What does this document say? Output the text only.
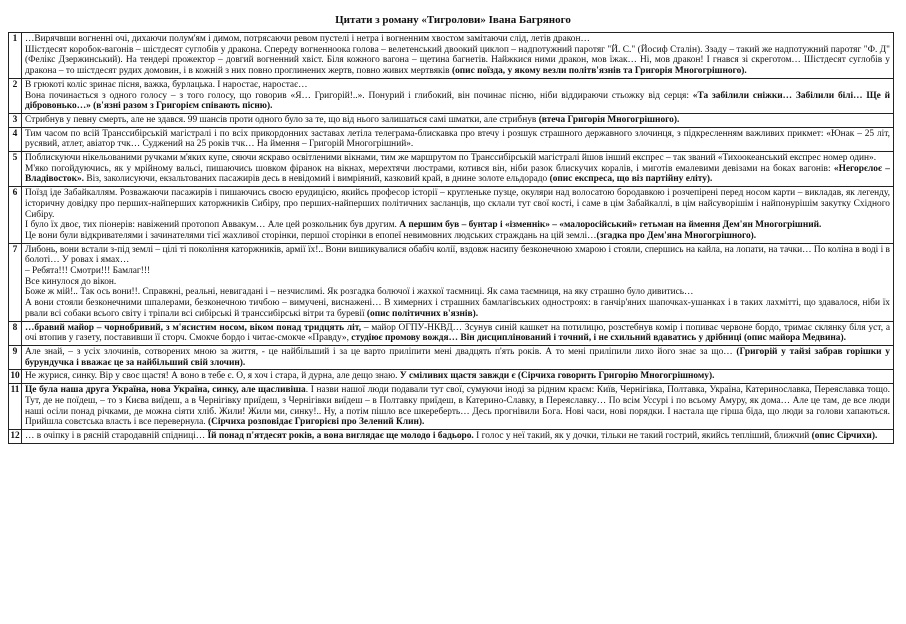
Цитати з роману «Тигролови» Івана Багряного
1	…Вирячвши вогненні очі, дихаючи полум'ям і димом, потрясаючи ревом пустелі і нетра і вогненним хвостом замітаючи слід, летів дракон…
Шістдесят коробок-вагонів – шістдесят суглобів у дракона. Спереду вогненноока голова – велетенський двоокий циклоп – надпотужний паротяг "Й. С." (Йосиф Сталін). Ззаду – такий же надпотужний паротяг "Ф. Д" (Фелікс Дзержинський). На тендері прожектор – довгий вогненний хвіст. Біля кожного вагона – щетина багнетів. Найжкися ними дракон, мов їжак… Ні, мов дракон! І гнався зі скреготом… Шістдесят суглобів у дракона – то шістдесят рудих домовин, і в кожній з них повно проглинених жертв, повно живих мертвяків (опис поїзда, у якому везли політв'язнів та Григорія Многогрішного).

2	В грюкоті коліс зринає пісня, важка, бурлацька. І наростає, наростає…
Вона починається з одного голосу – з того голосу, що говорив «Я… Григорій!..». Понурий і глибокий, він починає пісню, ніби віддираючи стьожку від серця: «Та забілили сніжки… Забілили білі… Ще й дібровонько…» (в'язні разом з Григорієм співають пісню).

3	Стрибнув у певну смерть, але не здався. 99 шансів проти одного було за те, що від нього залишаться самі шматки, але стрибнув (втеча Григорія Многогрішного).

4	Тим часом по всій Транссибірській магістралі і по всіх прикордонних заставах летіла телеграма-блискавка про втечу і розшук страшного державного злочинця, з підкресленням важливих прикмет: «Юнак – 25 літ, русявий, атлет, авіатор тчк… Суджений на 25 років тчк… На ймення – Григорій Многогрішний».

5	Поблискуючи нікельованими ручками м'яких купе, сяючи яскраво освітленими вікнами, тим же маршрутом по Транссибірській магістралі йшов інший експрес – так званий «Тихоокеанський експрес номер один».
М'яко погойдуючись, як у мрійному вальсі, пишаючись шовком фіранок на вікнах, мерехтячи люстрами, котився він, ніби разок блискучих коралів, і миготів емалевими девізами на боках вагонів: «Негорєлоє – Владівосток». Віз, заколисуючи, екзальтованих пасажирів десь в невідомий і вимріяний, казковий край, в днине золоте ельдорадо (опис експреса, що віз партійну еліту).

6	Поїзд іде Забайкаллям. Розважаючи пасажирів і пишаючись своєю ерудицією, якийсь професор історії – кругленьке пузце, окуляри над волосатою бородавкою і розчепірені перед носом карти – викладав, як легенду, історичну довідку про перших-найперших каторжників Сибіру, про перших-найперших політичних засланців, що склали тут свої кості, і саме в цім Забайкаллі, в цім найсуворішім і найпонурішім закутку Східного Сибіру.
І було їх двоє, тих піонерів: навіжений протопоп Аввакум… Але цей розкольник був другим. А першим був – бунтар і «ізменнік» – «малоросійський» гетьман на ймення Дем'ян Многогрішний.
Це вони були відкривателями і зачинателями тієї жахливої сторінки, першої сторінки в епопеї невимовних людських страждань на цій землі…(згадка про Дем'яна Многогрішного).

7	Либонь, вони встали з-під землі – цілі ті покоління каторжників, армії їх!.. Вони вишикувалися обабіч колії, вздовж насипу безконечною хмарою і стояли, спершись на кайла, на лопати, на тачки… По коліна в воді і в болоті… У ровах і ямах…
– Ребята!!! Смотри!!! Бамлаг!!!
Все кинулося до вікон.
Боже ж мій!.. Так ось вони!!. Справжні, реальні, невигадані і – незчислимі. Як розгадка болючої і жахкої таємниці. Як сама таємниця, на яку страшно було дивитись…
А вони стояли безконечними шпалерами, безконечною тичбою – вимучені, виснажені… В химерних і страшних бамлагівських одностроях: в ганчір'яних шапочках-ушанках і в таких лахмітті, що здавалося, ніби їх рвали всі собаки всього світу і тріпали всі сибірські й транссибірські вітри та буревії (опис політичних в'язнів).

8	…бравий майор – чорнобривий, з м'ясистим носом, віком понад тридцять літ, – майор ОГПУ-НКВД… Зсунув синій кашкет на потилицю, розстебнув комір і попиває червоне бордо, тримає склянку біля уст, а очі втопив у газету, поставивши її сторч. Смокче бордо і читає-смокче «Правду», студіює промову вождя… Він дисциплінований і точний, і не схильний вдаватись у дрібниці (опис майора Медвина).

9	Але знай, – з усіх злочинів, сотворених мною за життя, - це найбільший і за це варто приліпити мені двадцять п'ять років. А то мені приліпили лихо його знає за що… (Григорій у тайзі забрав горішки у бурундучка і вважає це за найбільший свій злочин).

10	Не журися, синку. Вір у своє щастя! А воно в тебе є. О, я хоч і стара, й дурна, але дещо знаю. У сміливих щастя завжди є (Сірчиха говорить Григорію Многогрішному).

11	Це була наша друга Україна, нова Україна, синку, але щасливіша. І назви нашої люди подавали тут свої, сумуючи іноді за рідним краєм: Київ, Чернігівка, Полтавка, Україна, Катеринославка, Переяславка тощо. Тут, де не поїдеш, – то з Києва виїдеш, а в Чернігівку приїдеш, з Чернігівки виїдеш – в Полтавку приїдеш, в Катерино-Славку, в Переяславку… По всім Уссурі і по всьому Амуру, як дома… Але це там, де все люди наші осіли понад річками, де можна сіяти хліб. Жили! Жили ми, синку!.. Ну, а потім пішло все шкереберть… Десь прогнівили Бога. Нові часи, нові порядки. І настала ще гірша біда, що люди за голови хапаються. Прийшла совєтська власть і все перевернула. (Сірчиха розповідає Григорієві про Зелений Клин).

12	… в очіпку і в рясній стародавній спідниці… Їй понад п'ятдесят років, а вона виглядає ще молодо і бадьоро. І голос у неї такий, як у дочки, тільки не такий гострий, якийсь тепліший, ближчий (опис Сірчихи).
